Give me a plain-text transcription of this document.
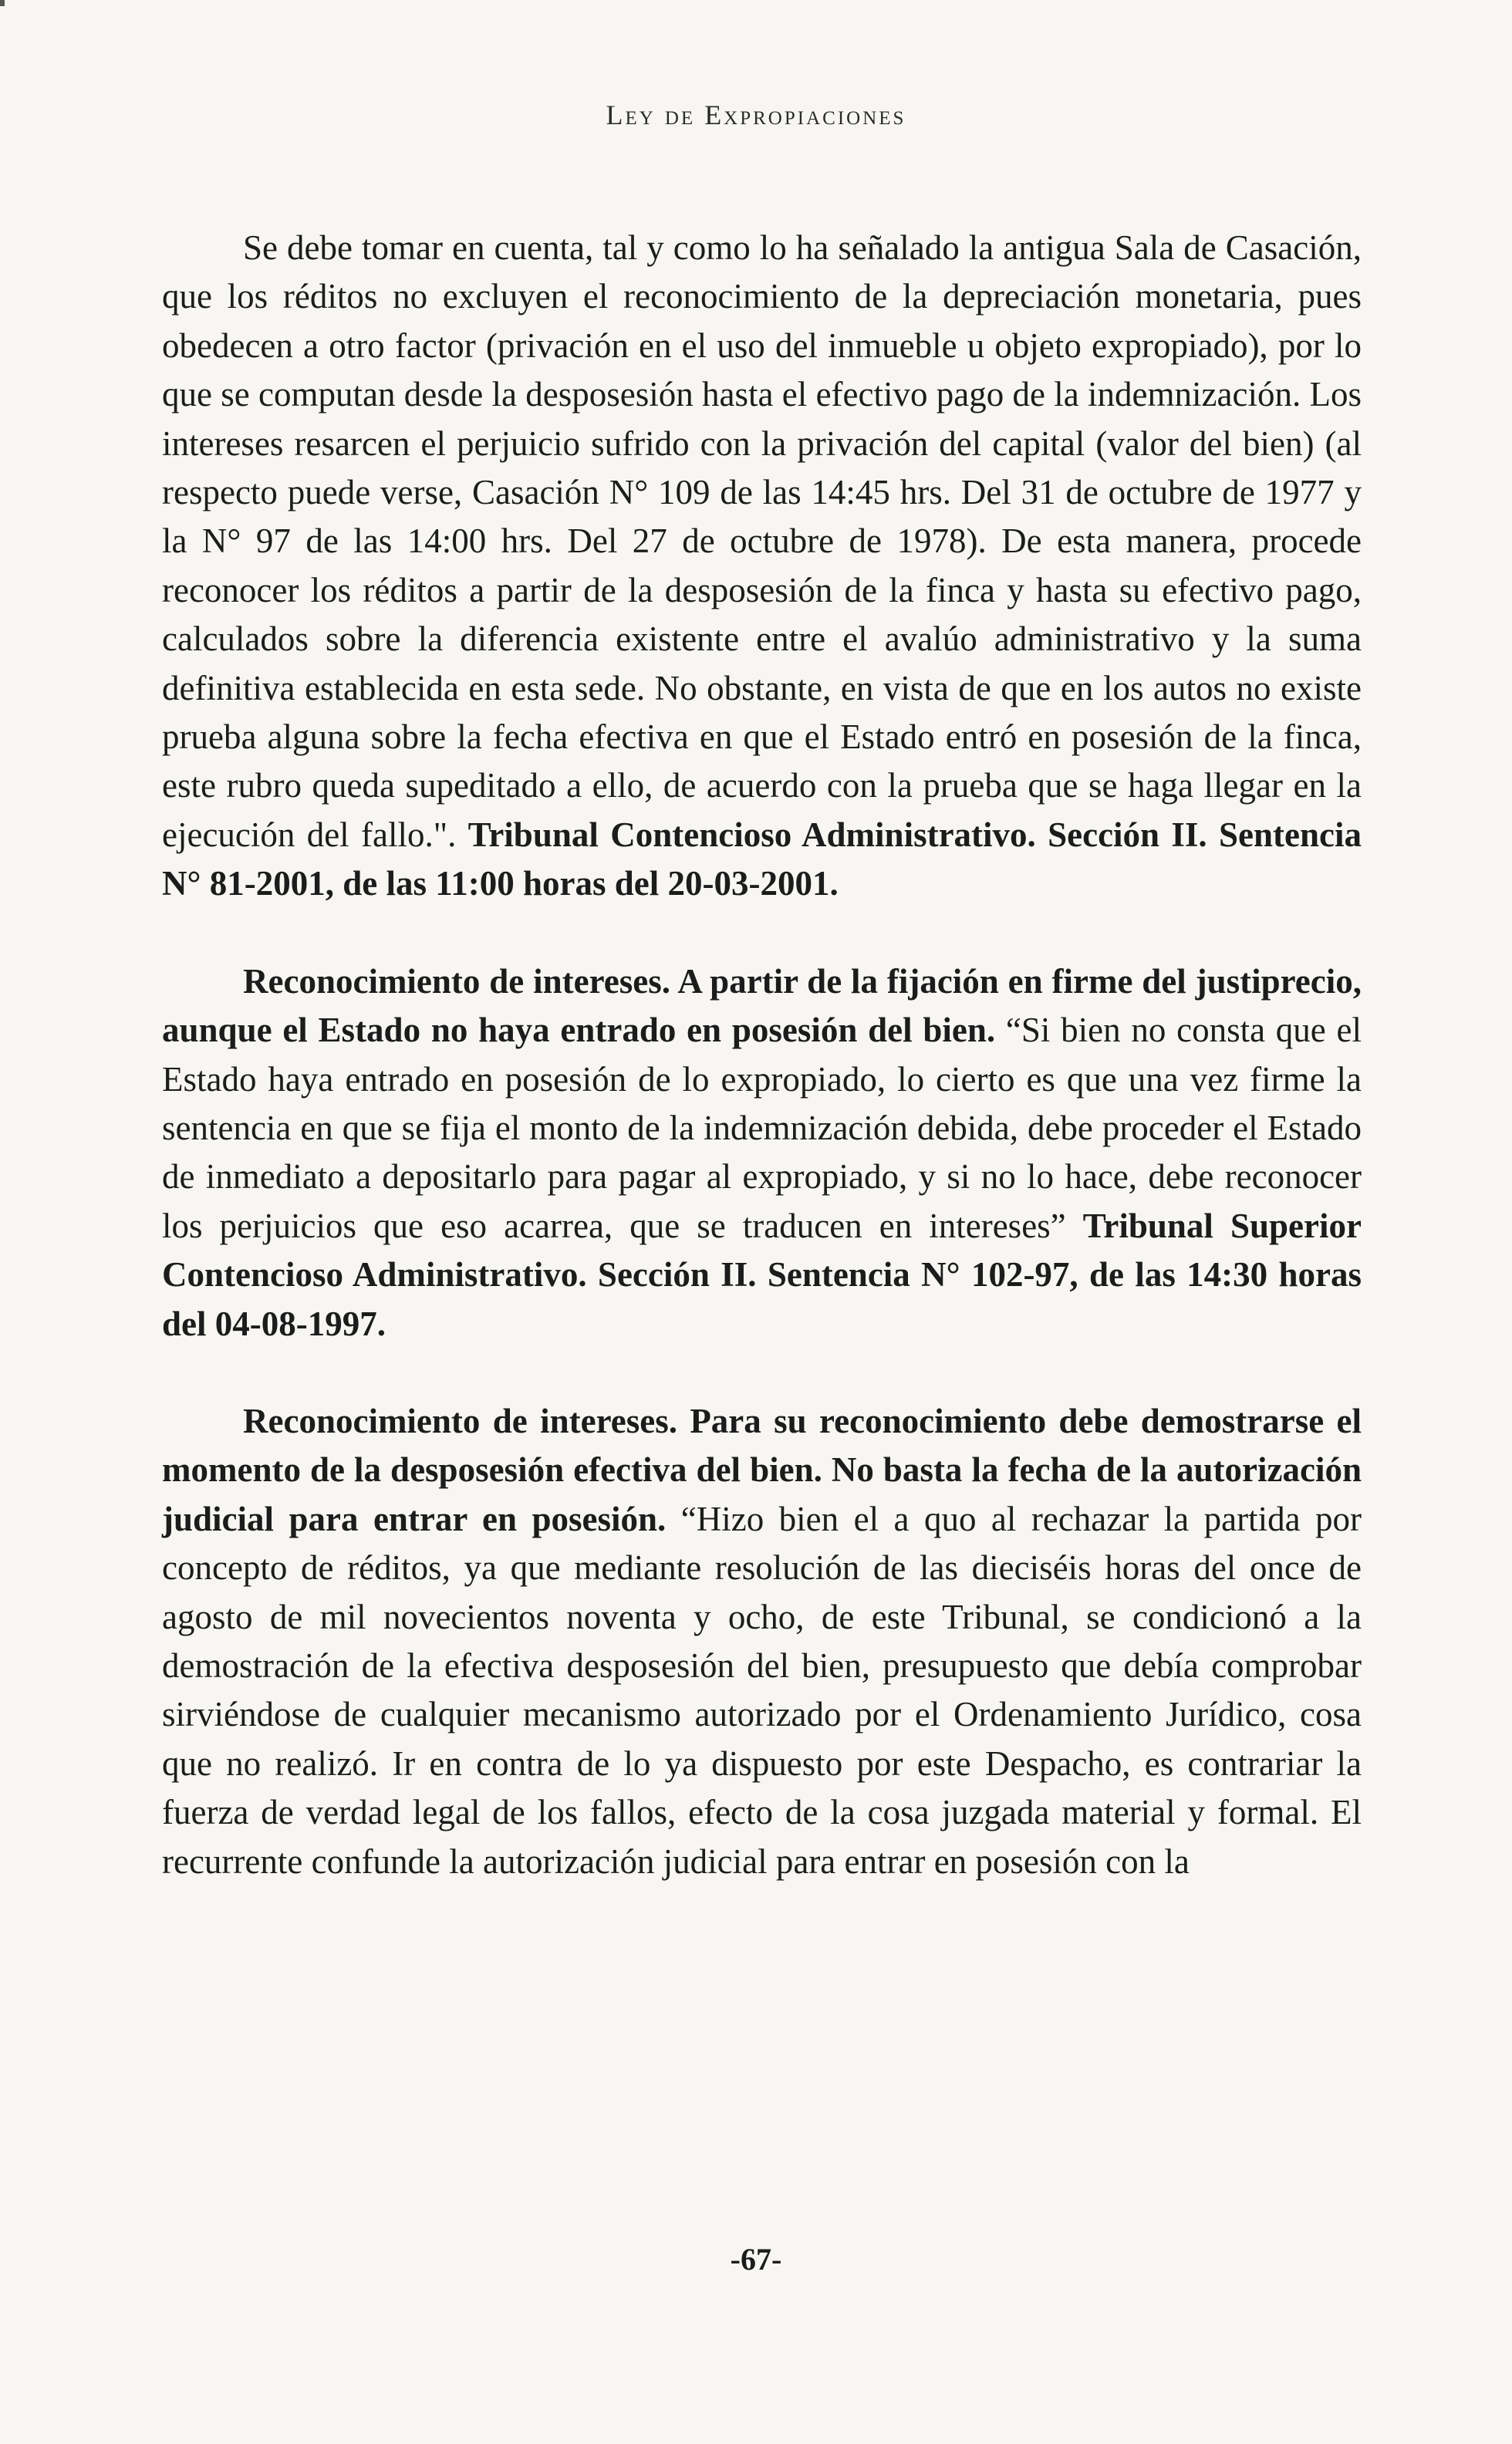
Ley de Expropiaciones

Se debe tomar en cuenta, tal y como lo ha señalado la antigua Sala de Casación, que los réditos no excluyen el reconocimiento de la depreciación monetaria, pues obedecen a otro factor (privación en el uso del inmueble u objeto expropiado), por lo que se computan desde la desposesión hasta el efectivo pago de la indemnización. Los intereses resarcen el perjuicio sufrido con la privación del capital (valor del bien) (al respecto puede verse, Casación N° 109 de las 14:45 hrs. Del 31 de octubre de 1977 y la N° 97 de las 14:00 hrs. Del 27 de octubre de 1978). De esta manera, procede reconocer los réditos a partir de la desposesión de la finca y hasta su efectivo pago, calculados sobre la diferencia existente entre el avalúo administrativo y la suma definitiva establecida en esta sede. No obstante, en vista de que en los autos no existe prueba alguna sobre la fecha efectiva en que el Estado entró en posesión de la finca, este rubro queda supeditado a ello, de acuerdo con la prueba que se haga llegar en la ejecución del fallo.". Tribunal Contencioso Administrativo. Sección II. Sentencia N° 81-2001, de las 11:00 horas del 20-03-2001.

Reconocimiento de intereses. A partir de la fijación en firme del justiprecio, aunque el Estado no haya entrado en posesión del bien. “Si bien no consta que el Estado haya entrado en posesión de lo expropiado, lo cierto es que una vez firme la sentencia en que se fija el monto de la indemnización debida, debe proceder el Estado de inmediato a depositarlo para pagar al expropiado, y si no lo hace, debe reconocer los perjuicios que eso acarrea, que se traducen en intereses” Tribunal Superior Contencioso Administrativo. Sección II. Sentencia N° 102-97, de las 14:30 horas del 04-08-1997.

Reconocimiento de intereses. Para su reconocimiento debe demostrarse el momento de la desposesión efectiva del bien. No basta la fecha de la autorización judicial para entrar en posesión. “Hizo bien el a quo al rechazar la partida por concepto de réditos, ya que mediante resolución de las dieciséis horas del once de agosto de mil novecientos noventa y ocho, de este Tribunal, se condicionó a la demostración de la efectiva desposesión del bien, presupuesto que debía comprobar sirviéndose de cualquier mecanismo autorizado por el Ordenamiento Jurídico, cosa que no realizó. Ir en contra de lo ya dispuesto por este Despacho, es contrariar la fuerza de verdad legal de los fallos, efecto de la cosa juzgada material y formal. El recurrente confunde la autorización judicial para entrar en posesión con la

-67-
